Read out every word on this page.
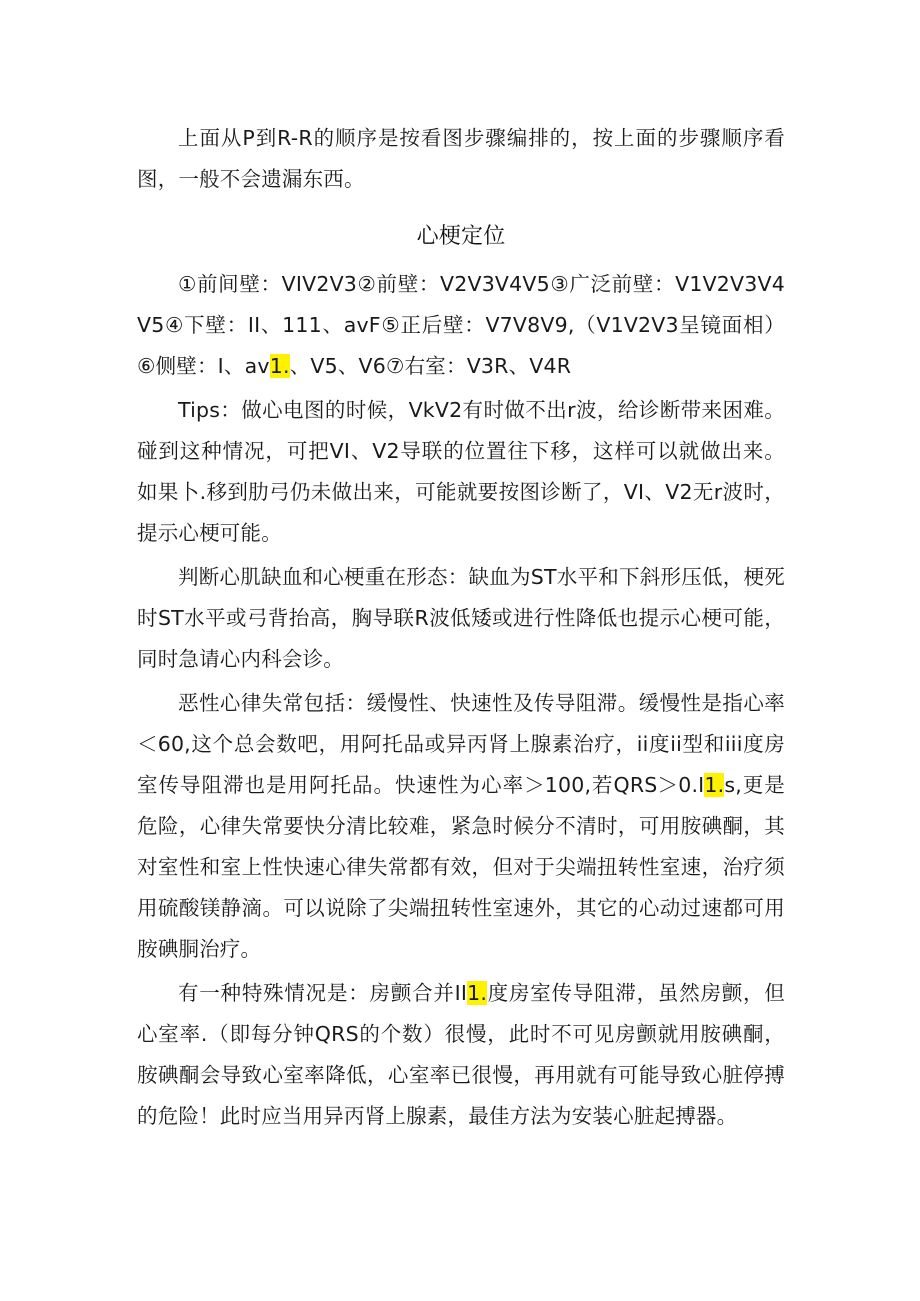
上面从P到R-R的顺序是按看图步骤编排的，按上面的步骤顺序看图，一般不会遗漏东西。

心梗定位

①前间壁：VIV2V3②前壁：V2V3V4V5③广泛前壁：V1V2V3V4V5④下壁：II、111、avF⑤正后壁：V7V8V9,（V1V2V3呈镜面相）⑥侧壁：I、av1.、V5、V6⑦右室：V3R、V4R

Tips：做心电图的时候，VkV2有时做不出r波，给诊断带来困难。碰到这种情况，可把VI、V2导联的位置往下移，这样可以就做出来。如果卜.移到肋弓仍未做出来，可能就要按图诊断了，VI、V2无r波时，提示心梗可能。

判断心肌缺血和心梗重在形态：缺血为ST水平和下斜形压低，梗死时ST水平或弓背抬高，胸导联R波低矮或进行性降低也提示心梗可能，同时急请心内科会诊。

恶性心律失常包括：缓慢性、快速性及传导阻滞。缓慢性是指心率＜60,这个总会数吧，用阿托品或异丙肾上腺素治疗，ii度ii型和iii度房室传导阻滞也是用阿托品。快速性为心率＞100,若QRS＞0.I1.s,更是危险，心律失常要快分清比较难，紧急时候分不清时，可用胺碘酮，其对室性和室上性快速心律失常都有效，但对于尖端扭转性室速，治疗须用硫酸镁静滴。可以说除了尖端扭转性室速外，其它的心动过速都可用胺碘胴治疗。

有一种特殊情况是：房颤合并II1.度房室传导阻滞，虽然房颤，但心室率.（即每分钟QRS的个数）很慢，此时不可见房颤就用胺碘酮，胺碘酮会导致心室率降低，心室率已很慢，再用就有可能导致心脏停搏的危险！此时应当用异丙肾上腺素，最佳方法为安装心脏起搏器。
